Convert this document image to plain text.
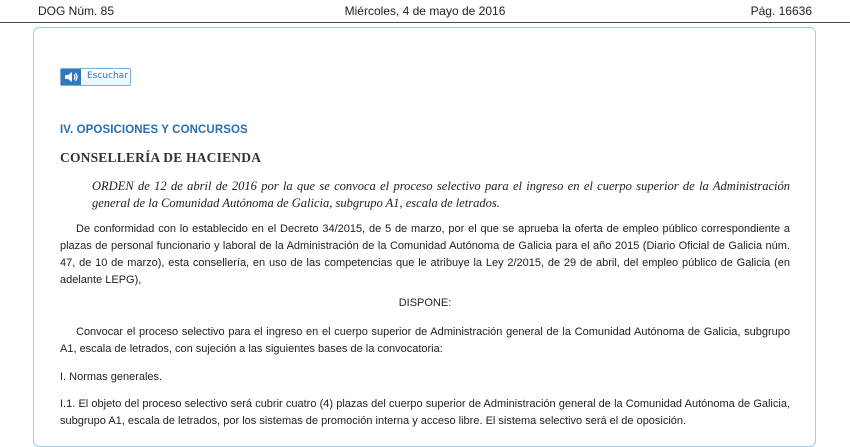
DOG Núm. 85	Miércoles, 4 de mayo de 2016	Pág. 16636
Escuchar
IV. OPOSICIONES Y CONCURSOS
CONSELLERÍA DE HACIENDA
ORDEN de 12 de abril de 2016 por la que se convoca el proceso selectivo para el ingreso en el cuerpo superior de la Administración general de la Comunidad Autónoma de Galicia, subgrupo A1, escala de letrados.
De conformidad con lo establecido en el Decreto 34/2015, de 5 de marzo, por el que se aprueba la oferta de empleo público correspondiente a plazas de personal funcionario y laboral de la Administración de la Comunidad Autónoma de Galicia para el año 2015 (Diario Oficial de Galicia núm. 47, de 10 de marzo), esta consellería, en uso de las competencias que le atribuye la Ley 2/2015, de 29 de abril, del empleo público de Galicia (en adelante LEPG),
DISPONE:
Convocar el proceso selectivo para el ingreso en el cuerpo superior de Administración general de la Comunidad Autónoma de Galicia, subgrupo A1, escala de letrados, con sujeción a las siguientes bases de la convocatoria:
I. Normas generales.
I.1. El objeto del proceso selectivo será cubrir cuatro (4) plazas del cuerpo superior de Administración general de la Comunidad Autónoma de Galicia, subgrupo A1, escala de letrados, por los sistemas de promoción interna y acceso libre. El sistema selectivo será el de oposición.
